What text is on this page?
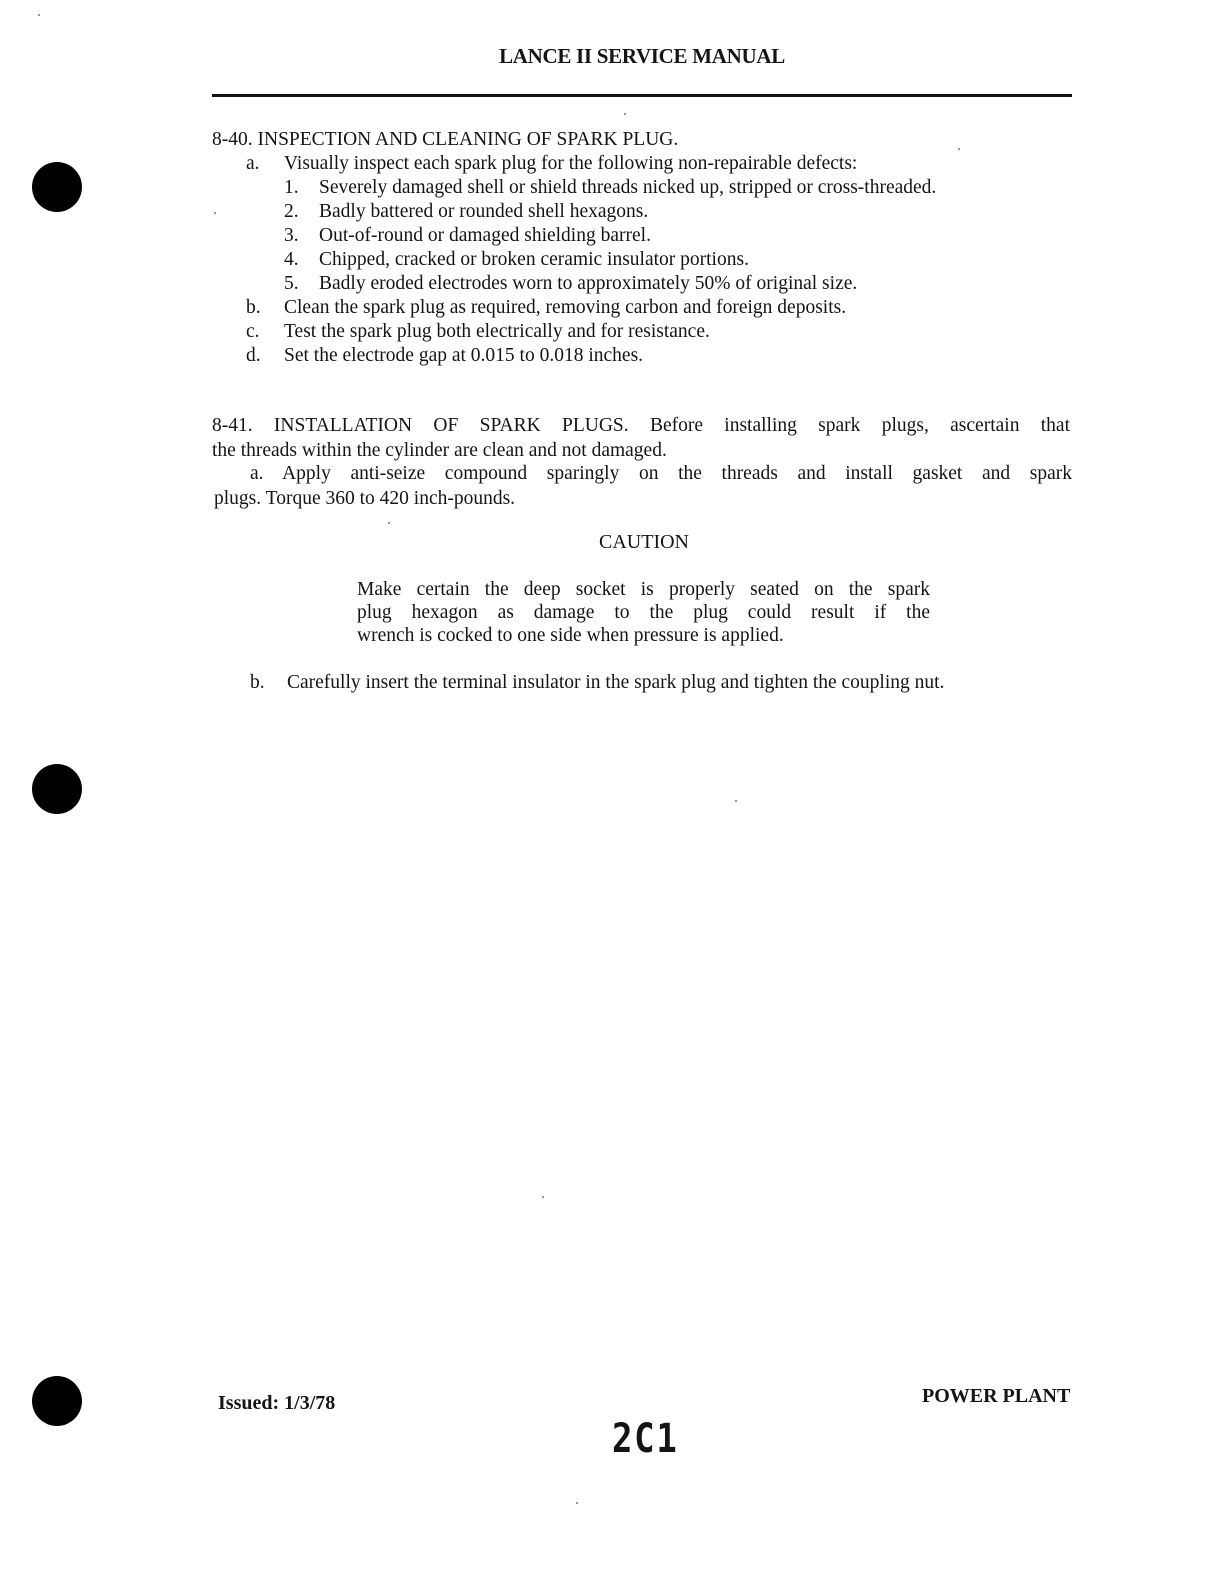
LANCE II SERVICE MANUAL
8-40. INSPECTION AND CLEANING OF SPARK PLUG.
a. Visually inspect each spark plug for the following non-repairable defects:
1. Severely damaged shell or shield threads nicked up, stripped or cross-threaded.
2. Badly battered or rounded shell hexagons.
3. Out-of-round or damaged shielding barrel.
4. Chipped, cracked or broken ceramic insulator portions.
5. Badly eroded electrodes worn to approximately 50% of original size.
b. Clean the spark plug as required, removing carbon and foreign deposits.
c. Test the spark plug both electrically and for resistance.
d. Set the electrode gap at 0.015 to 0.018 inches.
8-41. INSTALLATION OF SPARK PLUGS. Before installing spark plugs, ascertain that
the threads within the cylinder are clean and not damaged.
a. Apply anti-seize compound sparingly on the threads and install gasket and spark
plugs. Torque 360 to 420 inch-pounds.
CAUTION
Make certain the deep socket is properly seated on the spark
plug hexagon as damage to the plug could result if the
wrench is cocked to one side when pressure is applied.
b. Carefully insert the terminal insulator in the spark plug and tighten the coupling nut.
Issued: 1/3/78	POWER PLANT
2C1
